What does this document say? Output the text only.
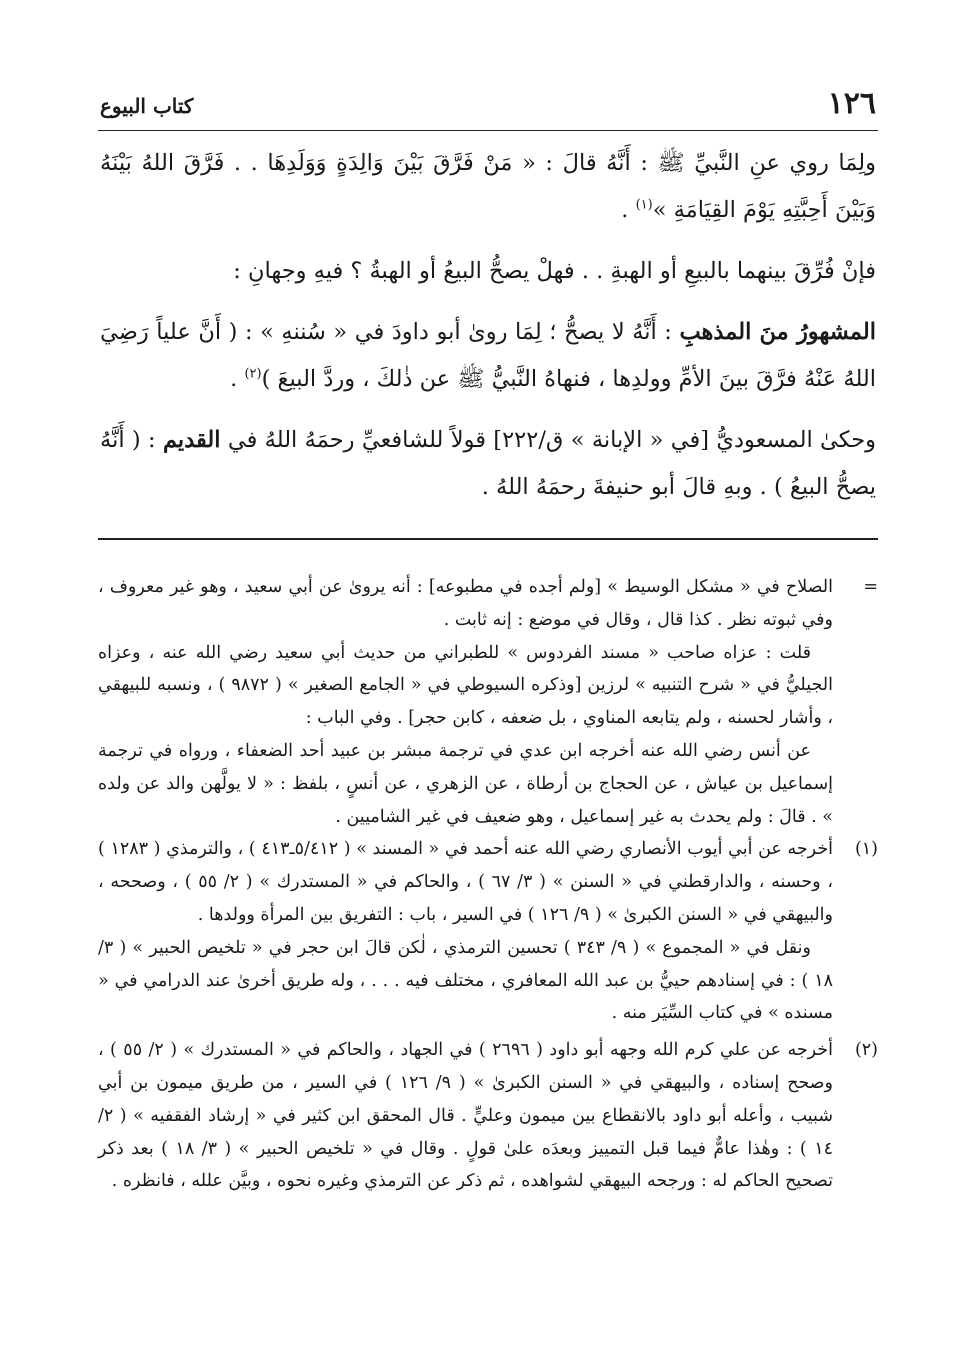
١٢٦
كتاب البيوع

ولِمَا روي عنِ النَّبيِّ ﷺ : أَنَّهُ قالَ : « مَنْ فَرَّقَ بَيْنَ وَالِدَةٍ وَوَلَدِهَا . . فَرَّقَ اللهُ بَيْنَهُ وَبَيْنَ أَحِبَّتِهِ يَوْمَ القِيَامَةِ »$^{(١)}$ .

فإنْ فُرِّقَ بينهما بالبيعِ أو الهبةِ . . فهلْ يصحُّ البيعُ أو الهبةُ ؟ فيهِ وجهانِ :

المشهورُ منَ المذهبِ : أَنَّهُ لا يصحُّ ؛ لِمَا روىٰ أبو داودَ في « سُننهِ » : ( أَنَّ علياً رَضِيَ اللهُ عَنْهُ فرَّقَ بينَ الأمِّ وولدِها ، فنهاهُ النَّبيُّ ﷺ عن ذٰلكَ ، وردَّ البيعَ )$^{(٢)}$ .

وحكىٰ المسعوديُّ [في « الإبانة » ق/٢٢٢] قولاً للشافعيِّ رحمَهُ اللهُ في القديم : ( أَنَّهُ يصحُّ البيعُ ) . وبهِ قالَ أبو حنيفةَ رحمَهُ اللهُ .

=

الصلاح في « مشكل الوسيط » [ولم أجده في مطبوعه] : أنه يروىٰ عن أبي سعيد ، وهو غير معروف ، وفي ثبوته نظر . كذا قال ، وقال في موضع : إنه ثابت .

قلت : عزاه صاحب « مسند الفردوس » للطبراني من حديث أبي سعيد رضي الله عنه ، وعزاه الجيليُّ في « شرح التنبيه » لرزين [وذكره السيوطي في « الجامع الصغير » ( ٩٨٧٢ ) ، ونسبه للبيهقي ، وأشار لحسنه ، ولم يتابعه المناوي ، بل ضعفه ، كابن حجر] . وفي الباب :

عن أنس رضي الله عنه أخرجه ابن عدي في ترجمة مبشر بن عبيد أحد الضعفاء ، ورواه في ترجمة إسماعيل بن عياش ، عن الحجاج بن أرطاة ، عن الزهري ، عن أنسٍ ، بلفظ : « لا يولَّهن والد عن ولده » . قالَ : ولم يحدث به غير إسماعيل ، وهو ضعيف في غير الشاميين .

(١)

أخرجه عن أبي أيوب الأنصاري رضي الله عنه أحمد في « المسند » ( ٥/٤١٢ـ٤١٣ ) ، والترمذي ( ١٢٨٣ ) ، وحسنه ، والدارقطني في « السنن » ( ٣/ ٦٧ ) ، والحاكم في « المستدرك » ( ٢/ ٥٥ ) ، وصححه ، والبيهقي في « السنن الكبرىٰ » ( ٩/ ١٢٦ ) في السير ، باب : التفريق بين المرأة وولدها .

ونقل في « المجموع » ( ٩/ ٣٤٣ ) تحسين الترمذي ، لٰكن قالَ ابن حجر في « تلخيص الحبير » ( ٣/ ١٨ ) : في إسنادهم حييُّ بن عبد الله المعافري ، مختلف فيه . . . ، وله طريق أخرىٰ عند الدرامي في « مسنده » في كتاب السِّيَر منه .

(٢)

أخرجه عن علي كرم الله وجهه أبو داود ( ٢٦٩٦ ) في الجهاد ، والحاكم في « المستدرك » ( ٢/ ٥٥ ) ، وصحح إسناده ، والبيهقي في « السنن الكبرىٰ » ( ٩/ ١٢٦ ) في السير ، من طريق ميمون بن أبي شبيب ، وأعله أبو داود بالانقطاع بين ميمون وعليٍّ . قال المحقق ابن كثير في « إرشاد الفقفيه » ( ٢/ ١٤ ) : وهٰذا عامٌّ فيما قبل التمييز وبعدَه علىٰ قولٍ . وقال في « تلخيص الحبير » ( ٣/ ١٨ ) بعد ذكر تصحيح الحاكم له : ورجحه البيهقي لشواهده ، ثم ذكر عن الترمذي وغيره نحوه ، وبيَّن علله ، فانظره .
